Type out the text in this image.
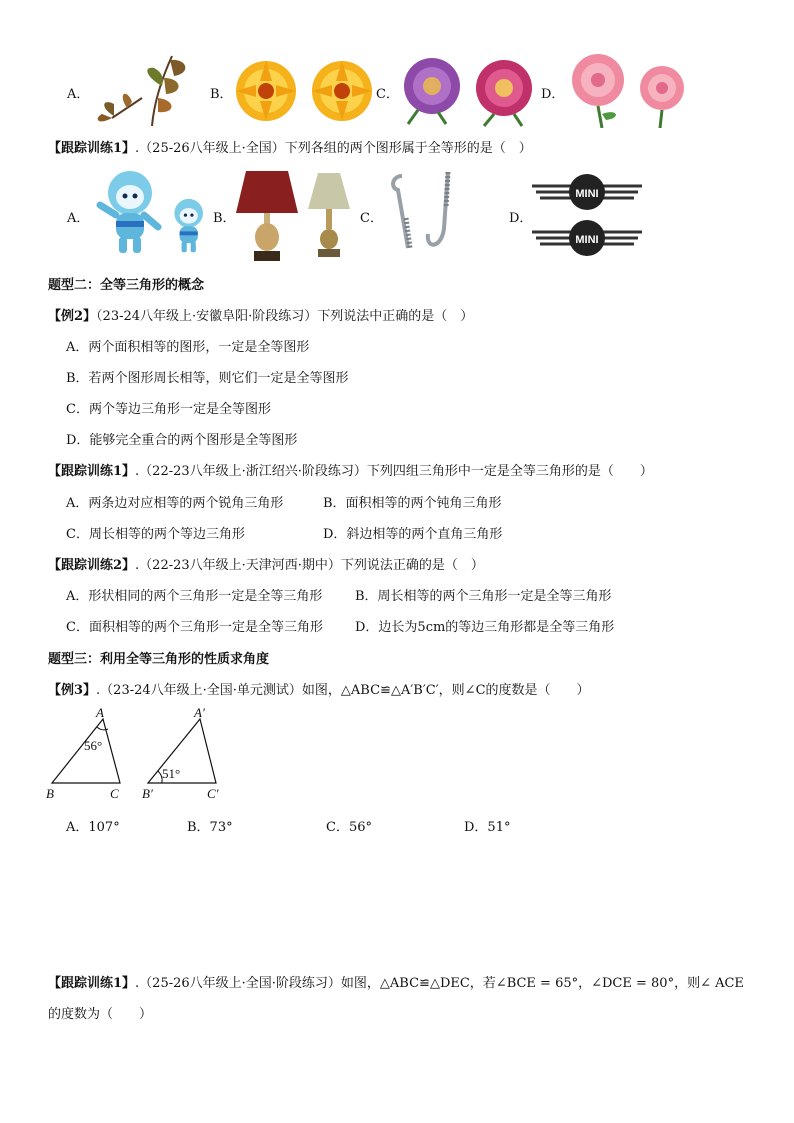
A．	B．	C．	D．
【跟踪训练1】.（25-26八年级上·全国）下列各组的两个图形属于全等形的是（　）
A．	B．	C．	D．
MINI
MINI
题型二：全等三角形的概念
【例2】（23-24八年级上·安徽阜阳·阶段练习）下列说法中正确的是（　）
A．两个面积相等的图形，一定是全等图形
B．若两个图形周长相等，则它们一定是全等图形
C．两个等边三角形一定是全等图形
D．能够完全重合的两个图形是全等图形
【跟踪训练1】.（22-23八年级上·浙江绍兴·阶段练习）下列四组三角形中一定是全等三角形的是（　　）
A．两条边对应相等的两个锐角三角形	B．面积相等的两个钝角三角形
C．周长相等的两个等边三角形	D．斜边相等的两个直角三角形
【跟踪训练2】.（22-23八年级上·天津河西·期中）下列说法正确的是（　）
A．形状相同的两个三角形一定是全等三角形	B．周长相等的两个三角形一定是全等三角形
C．面积相等的两个三角形一定是全等三角形 D．边长为5cm的等边三角形都是全等三角形
题型三：利用全等三角形的性质求角度
【例3】.（23-24八年级上·全国·单元测试）如图，△ABC≌△A′B′C′，则∠C的度数是（　　）
A
56°
B	C
A′
51°
B′	C′
A．107°	B．73°	C．56°	D．51°
【跟踪训练1】.（25-26八年级上·全国·阶段练习）如图，△ABC≌△DEC，若∠BCE = 65°，∠DCE = 80°，则∠ ACE
的度数为（　　）
